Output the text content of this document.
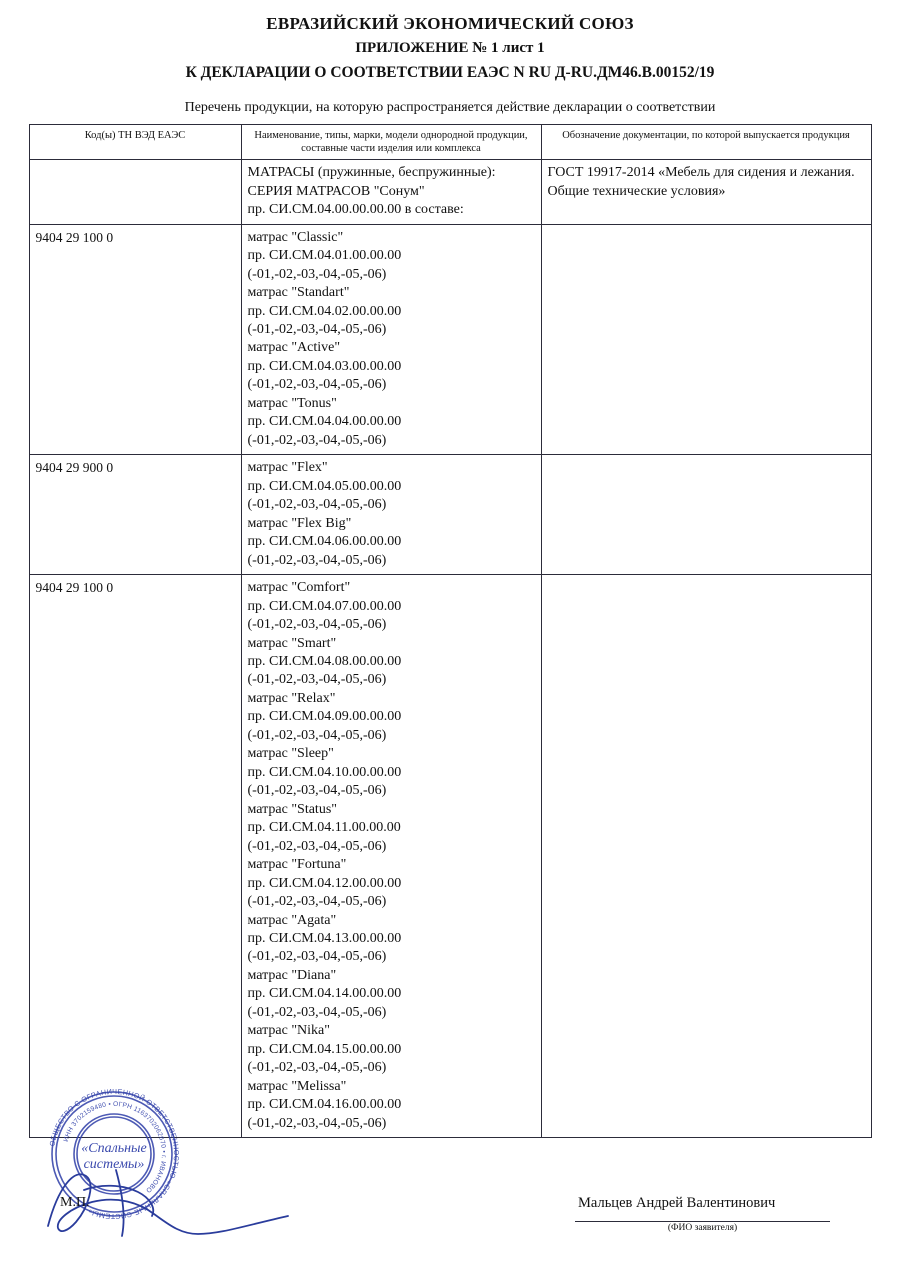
ЕВРАЗИЙСКИЙ ЭКОНОМИЧЕСКИЙ СОЮЗ
ПРИЛОЖЕНИЕ № 1 лист 1
К ДЕКЛАРАЦИИ О СООТВЕТСТВИИ ЕАЭС N RU Д-RU.ДМ46.В.00152/19
Перечень продукции, на которую распространяется действие декларации о соответствии
Код(ы) ТН ВЭД ЕАЭС	Наименование, типы, марки, модели однородной продукции, составные части изделия или комплекса	Обозначение документации, по которой выпускается продукция

	МАТРАСЫ (пружинные, беспружинные):
СЕРИЯ МАТРАСОВ "Сонум"
пр. СИ.СМ.04.00.00.00.00 в составе:	ГОСТ 19917-2014 «Мебель для сидения и лежания. Общие технические условия»
9404 29 100 0	матрас "Classic"
пр. СИ.СМ.04.01.00.00.00
(-01,-02,-03,-04,-05,-06)
матрас "Standart"
пр. СИ.СМ.04.02.00.00.00
(-01,-02,-03,-04,-05,-06)
матрас "Active"
пр. СИ.СМ.04.03.00.00.00
(-01,-02,-03,-04,-05,-06)
матрас "Tonus"
пр. СИ.СМ.04.04.00.00.00
(-01,-02,-03,-04,-05,-06)

9404 29 900 0	матрас "Flex"
пр. СИ.СМ.04.05.00.00.00
(-01,-02,-03,-04,-05,-06)
матрас "Flex Big"
пр. СИ.СМ.04.06.00.00.00
(-01,-02,-03,-04,-05,-06)

9404 29 100 0	матрас "Comfort"
пр. СИ.СМ.04.07.00.00.00
(-01,-02,-03,-04,-05,-06)
матрас "Smart"
пр. СИ.СМ.04.08.00.00.00
(-01,-02,-03,-04,-05,-06)
матрас "Relax"
пр. СИ.СМ.04.09.00.00.00
(-01,-02,-03,-04,-05,-06)
матрас "Sleep"
пр. СИ.СМ.04.10.00.00.00
(-01,-02,-03,-04,-05,-06)
матрас "Status"
пр. СИ.СМ.04.11.00.00.00
(-01,-02,-03,-04,-05,-06)
матрас "Fortuna"
пр. СИ.СМ.04.12.00.00.00
(-01,-02,-03,-04,-05,-06)
матрас "Agata"
пр. СИ.СМ.04.13.00.00.00
(-01,-02,-03,-04,-05,-06)
матрас "Diana"
пр. СИ.СМ.04.14.00.00.00
(-01,-02,-03,-04,-05,-06)
матрас "Nika"
пр. СИ.СМ.04.15.00.00.00
(-01,-02,-03,-04,-05,-06)
матрас "Melissa"
пр. СИ.СМ.04.16.00.00.00
(-01,-02,-03,-04,-05,-06)

ОБЩЕСТВО С ОГРАНИЧЕННОЙ ОТВЕТСТВЕННОСТЬЮ «СПАЛЬНЫЕ СИСТЕМЫ»
ИНН 3702159480 • ОГРН 1163702062670 • г. ИВАНОВО
«Спальные
системы»
М.П.	Мальцев Андрей Валентинович
(ФИО заявителя)
